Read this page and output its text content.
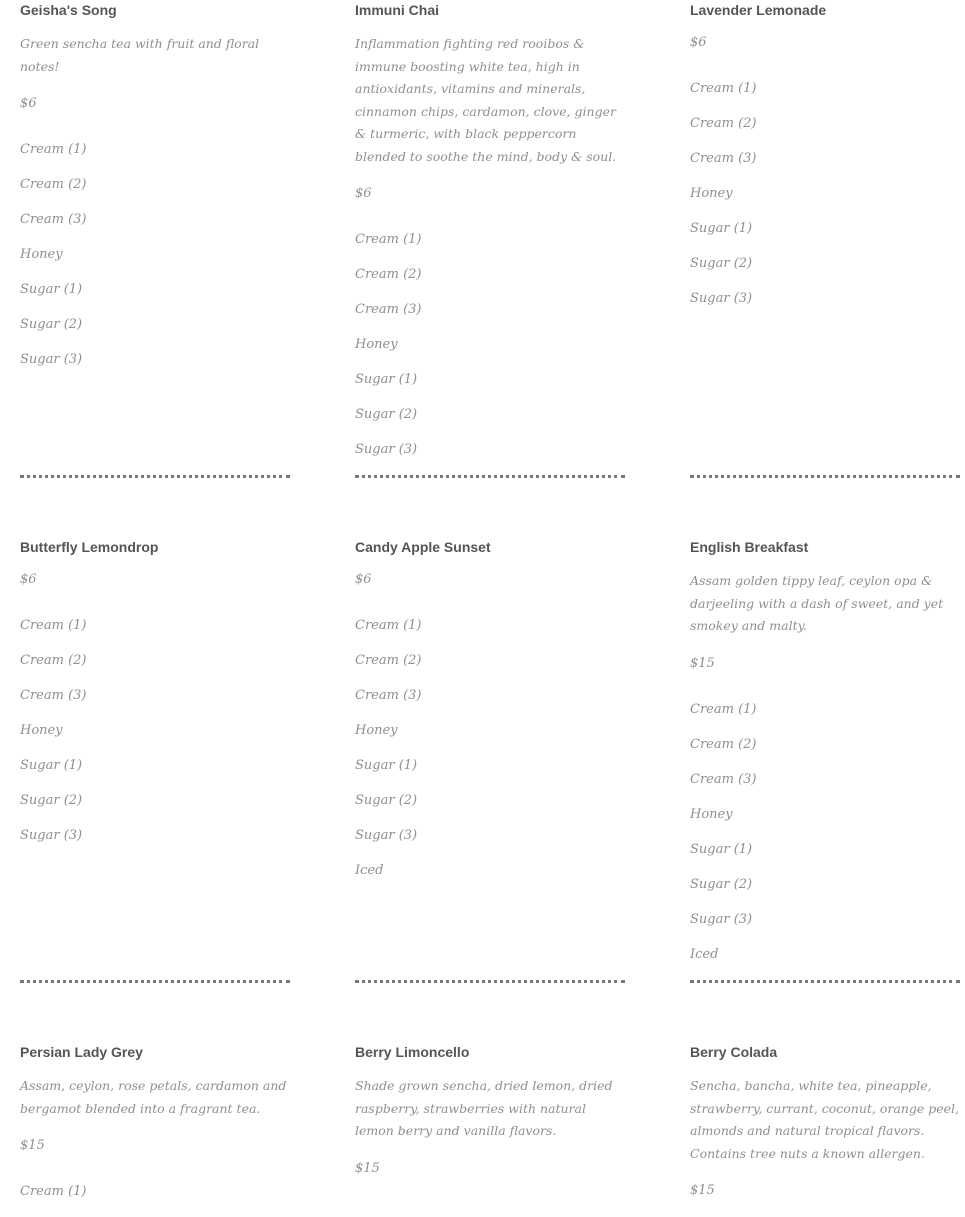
Geisha's Song
Green sencha tea with fruit and floral notes!
$6
Cream (1)
Cream (2)
Cream (3)
Honey
Sugar (1)
Sugar (2)
Sugar (3)
Immuni Chai
Inflammation fighting red rooibos & immune boosting white tea, high in antioxidants, vitamins and minerals, cinnamon chips, cardamon, clove, ginger & turmeric, with black peppercorn blended to soothe the mind, body & soul.
$6
Cream (1)
Cream (2)
Cream (3)
Honey
Sugar (1)
Sugar (2)
Sugar (3)
Lavender Lemonade
$6
Cream (1)
Cream (2)
Cream (3)
Honey
Sugar (1)
Sugar (2)
Sugar (3)
Butterfly Lemondrop
$6
Cream (1)
Cream (2)
Cream (3)
Honey
Sugar (1)
Sugar (2)
Sugar (3)
Candy Apple Sunset
$6
Cream (1)
Cream (2)
Cream (3)
Honey
Sugar (1)
Sugar (2)
Sugar (3)
Iced
English Breakfast
Assam golden tippy leaf, ceylon opa & darjeeling with a dash of sweet, and yet smokey and malty.
$15
Cream (1)
Cream (2)
Cream (3)
Honey
Sugar (1)
Sugar (2)
Sugar (3)
Iced
Persian Lady Grey
Assam, ceylon, rose petals, cardamon and bergamot blended into a fragrant tea.
$15
Cream (1)
Berry Limoncello
Shade grown sencha, dried lemon, dried raspberry, strawberries with natural lemon berry and vanilla flavors.
$15
Berry Colada
Sencha, bancha, white tea, pineapple, strawberry, currant, coconut, orange peel, almonds and natural tropical flavors. Contains tree nuts a known allergen.
$15
